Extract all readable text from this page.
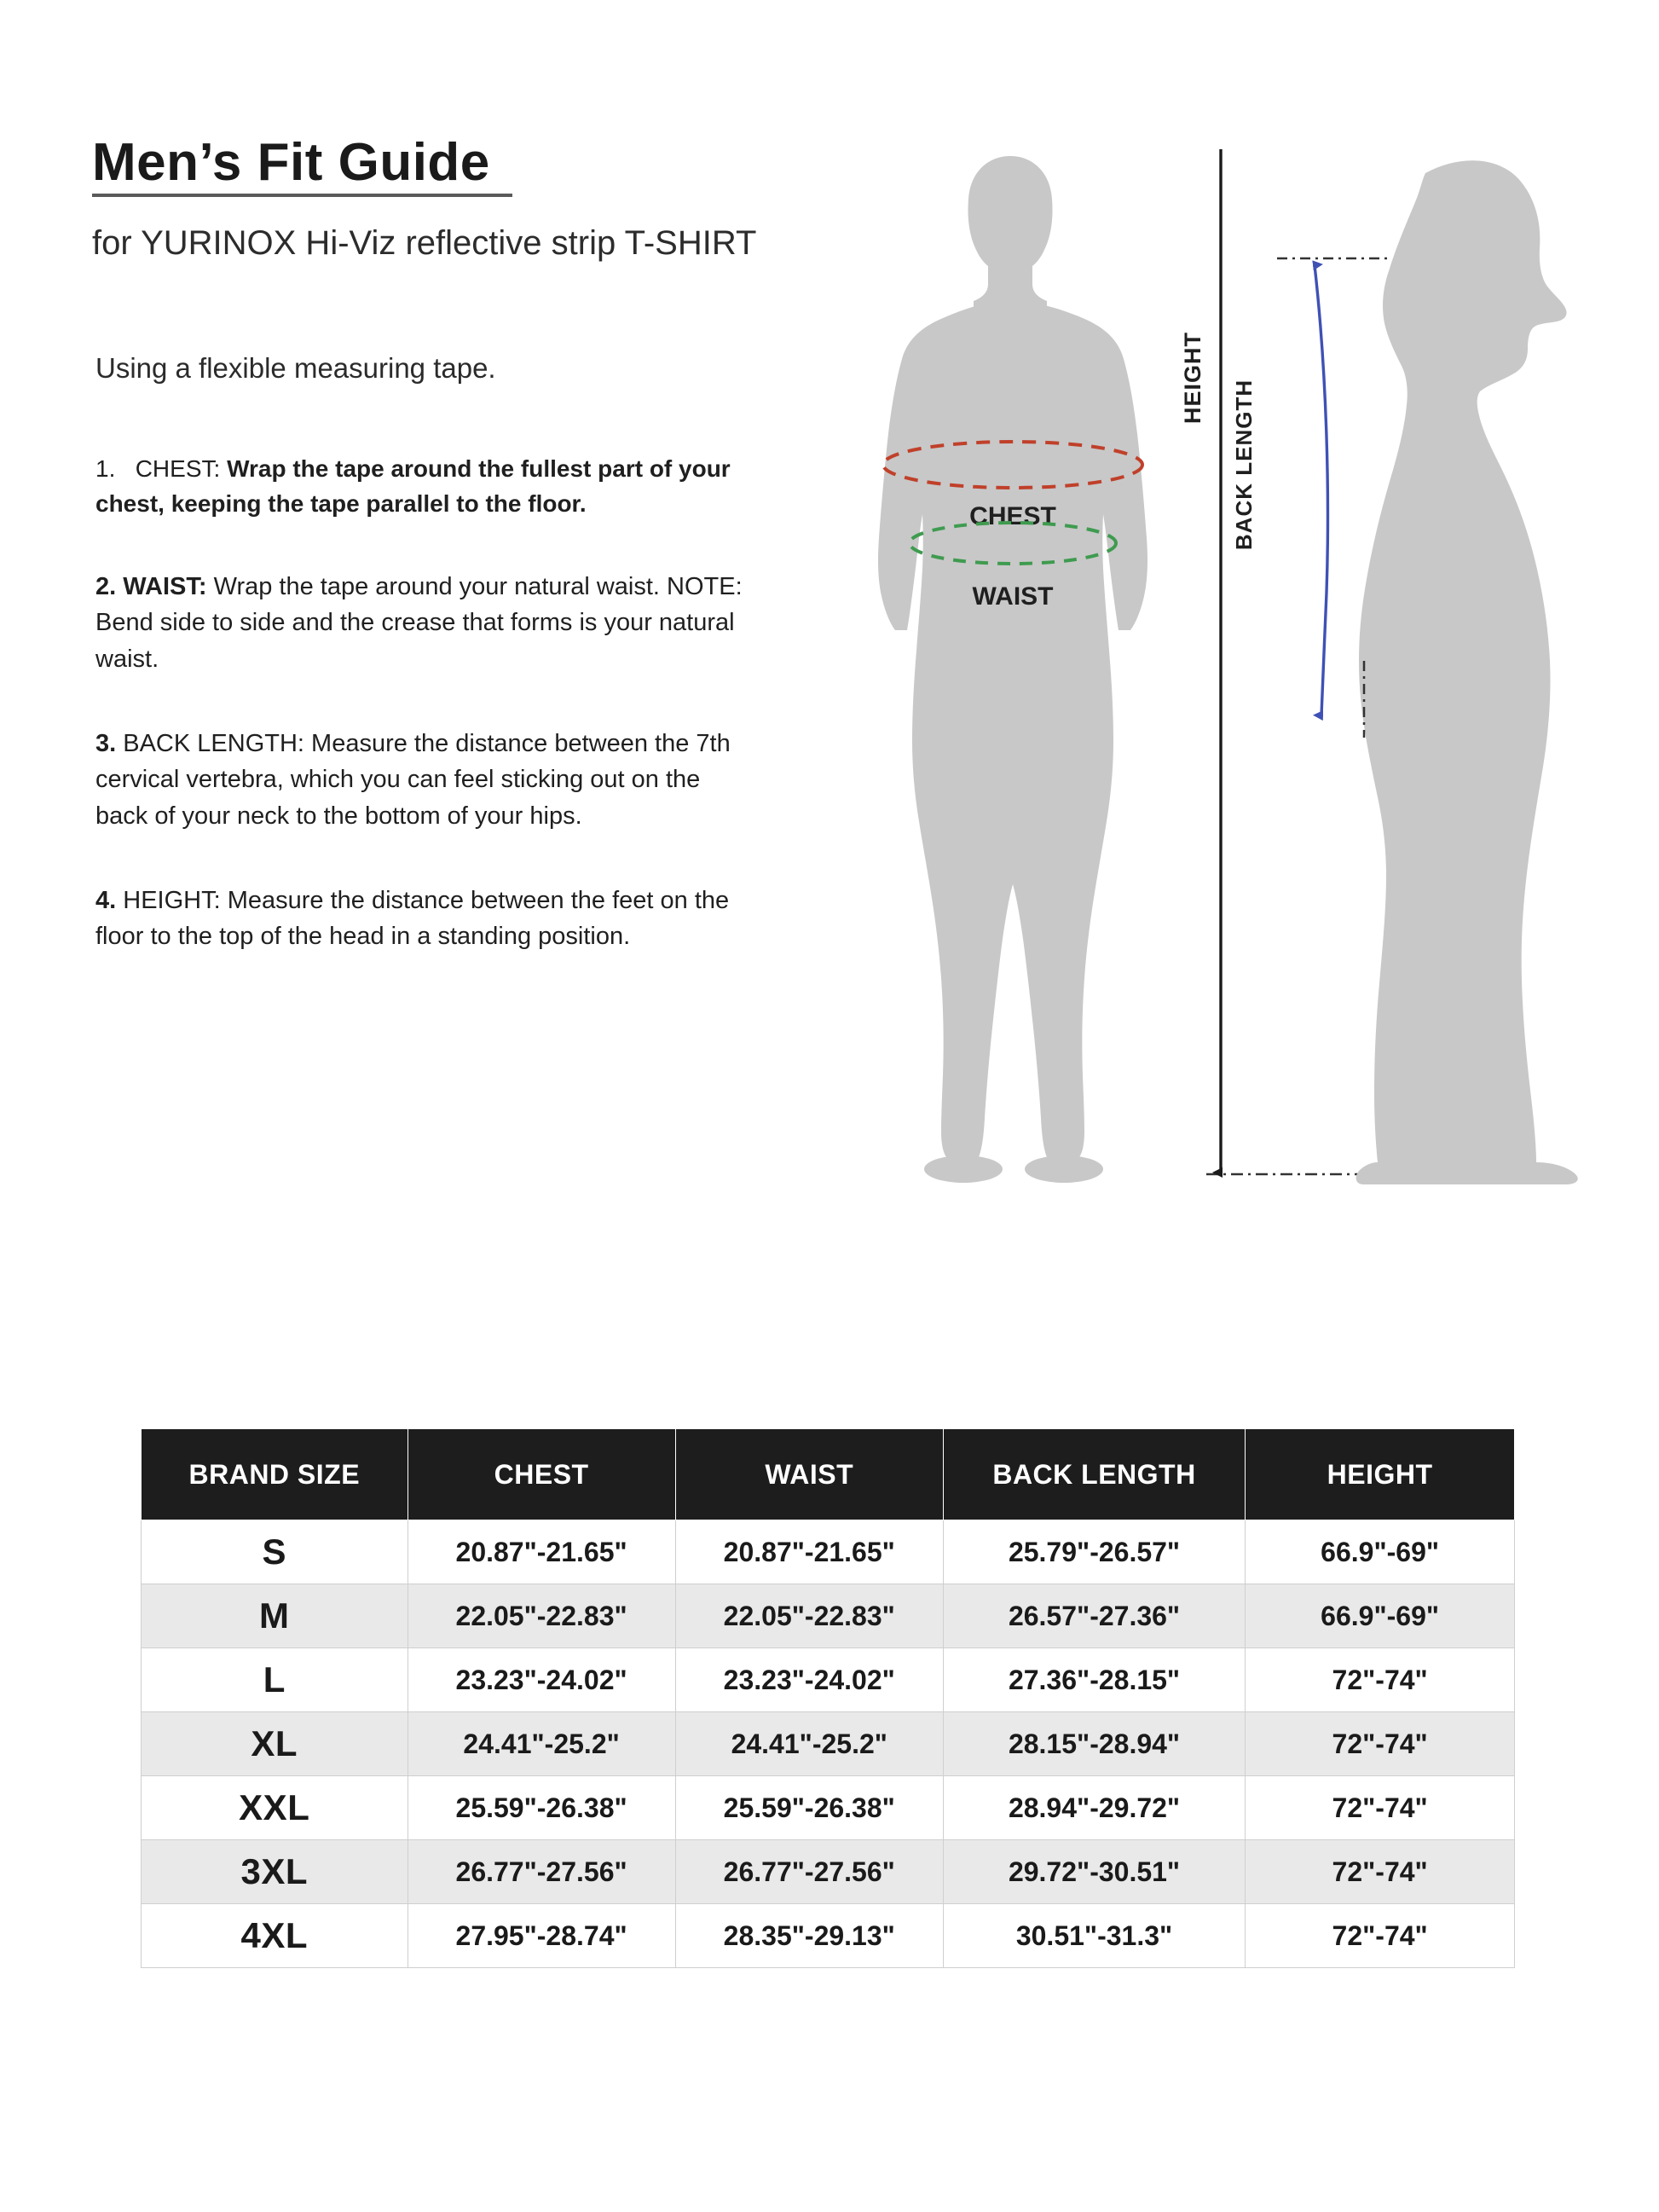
Men’s Fit Guide

for YURINOX Hi-Viz reflective strip T-SHIRT

Using a flexible measuring tape.

1. CHEST: Wrap the tape around the fullest part of your chest, keeping the tape parallel to the floor.

2. WAIST: Wrap the tape around your natural waist. NOTE: Bend side to side and the crease that forms is your natural waist.

3. BACK LENGTH: Measure the distance between the 7th cervical vertebra, which you can feel sticking out on the back of your neck to the bottom of your hips.

4. HEIGHT: Measure the distance between the feet on the floor to the top of the head in a standing position.

CHEST
WAIST
HEIGHT
BACK LENGTH
BRAND SIZE	CHEST	WAIST	BACK LENGTH	HEIGHT
S	20.87"-21.65"	20.87"-21.65"	25.79"-26.57"	66.9"-69"
M	22.05"-22.83"	22.05"-22.83"	26.57"-27.36"	66.9"-69"
L	23.23"-24.02"	23.23"-24.02"	27.36"-28.15"	72"-74"
XL	24.41"-25.2"	24.41"-25.2"	28.15"-28.94"	72"-74"
XXL	25.59"-26.38"	25.59"-26.38"	28.94"-29.72"	72"-74"
3XL	26.77"-27.56"	26.77"-27.56"	29.72"-30.51"	72"-74"
4XL	27.95"-28.74"	28.35"-29.13"	30.51"-31.3"	72"-74"
